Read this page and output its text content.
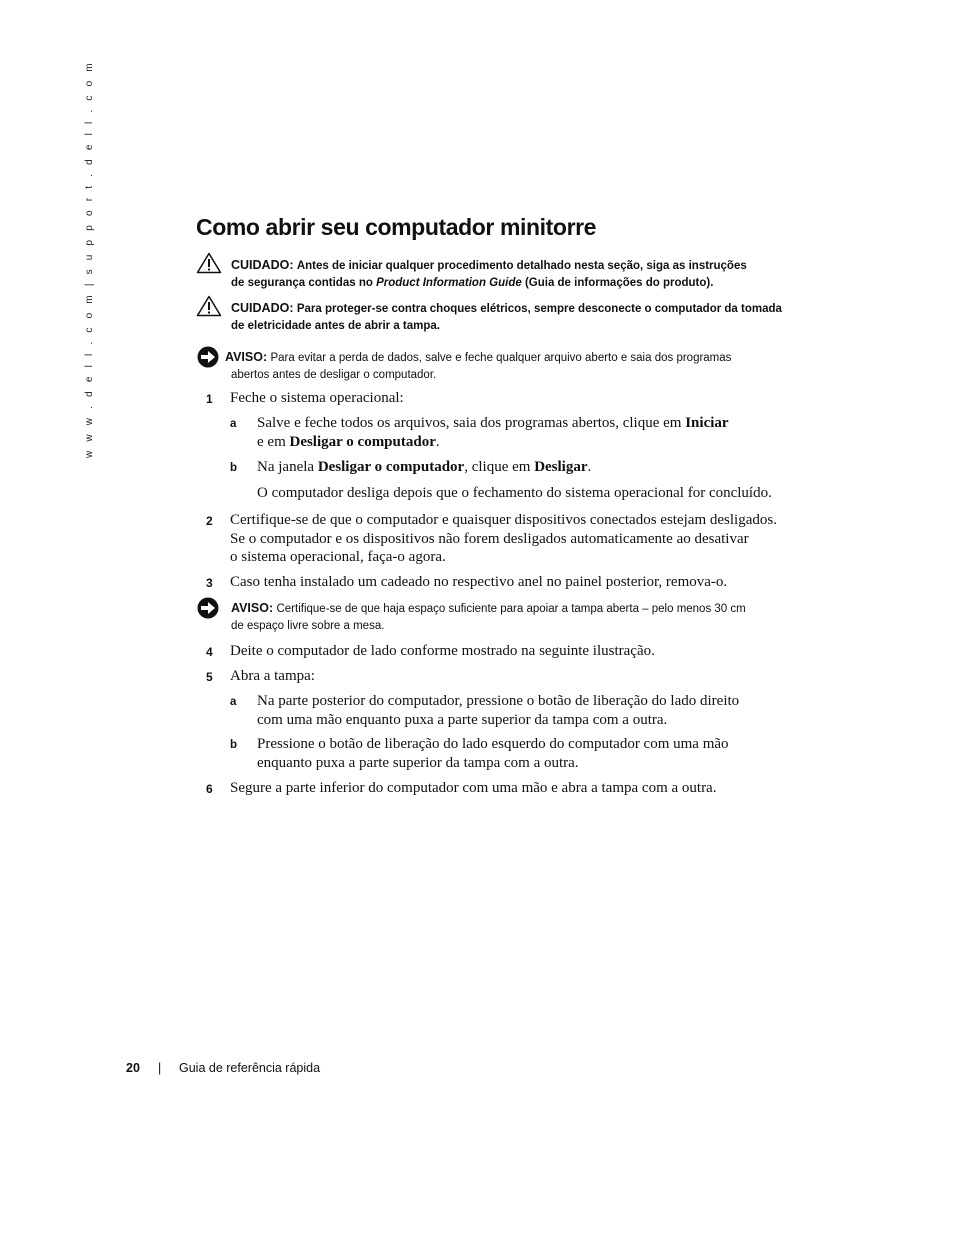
w w w . d e l l . c o m | s u p p o r t . d e l l . c o m	Como abrir seu computador minitorre
CUIDADO: Antes de iniciar qualquer procedimento detalhado nesta seção, siga as instruções
de segurança contidas no Product Information Guide (Guia de informações do produto).
CUIDADO: Para proteger-se contra choques elétricos, sempre desconecte o computador da tomada
de eletricidade antes de abrir a tampa.
AVISO: Para evitar a perda de dados, salve e feche qualquer arquivo aberto e saia dos programas
abertos antes de desligar o computador.
1	Feche o sistema operacional:
a	Salve e feche todos os arquivos, saia dos programas abertos, clique em Iniciar
e em Desligar o computador.
b	Na janela Desligar o computador, clique em Desligar.
O computador desliga depois que o fechamento do sistema operacional for concluído.
2	Certifique-se de que o computador e quaisquer dispositivos conectados estejam desligados.
Se o computador e os dispositivos não forem desligados automaticamente ao desativar
o sistema operacional, faça-o agora.
3	Caso tenha instalado um cadeado no respectivo anel no painel posterior, remova-o.
AVISO: Certifique-se de que haja espaço suficiente para apoiar a tampa aberta – pelo menos 30 cm
de espaço livre sobre a mesa.
4	Deite o computador de lado conforme mostrado na seguinte ilustração.
5	Abra a tampa:
a	Na parte posterior do computador, pressione o botão de liberação do lado direito
com uma mão enquanto puxa a parte superior da tampa com a outra.
b	Pressione o botão de liberação do lado esquerdo do computador com uma mão
enquanto puxa a parte superior da tampa com a outra.
6	Segure a parte inferior do computador com uma mão e abra a tampa com a outra.
20 | Guia de referência rápida
